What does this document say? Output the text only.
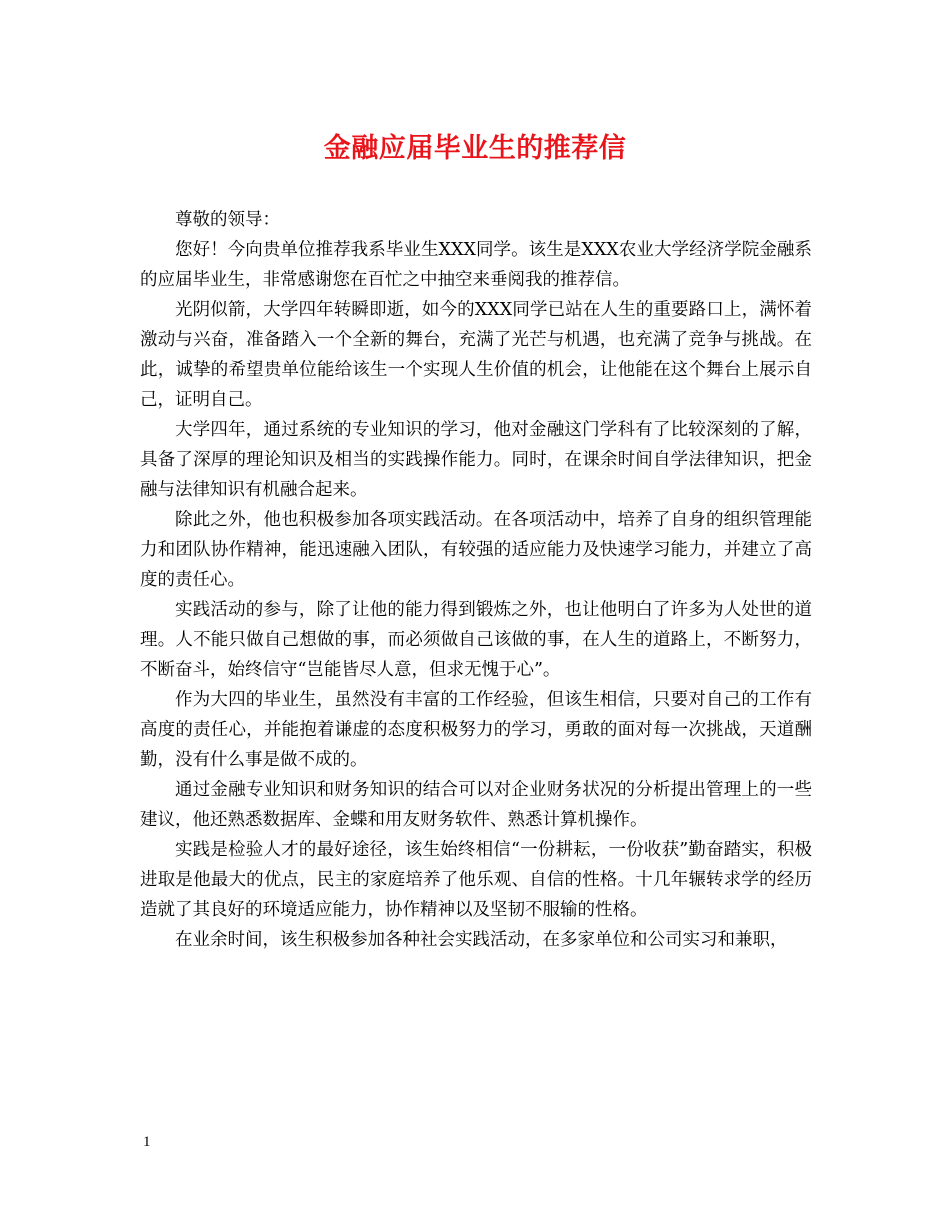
金融应届毕业生的推荐信

尊敬的领导：

您好！今向贵单位推荐我系毕业生XXX同学。该生是XXX农业大学经济学院金融系的应届毕业生，非常感谢您在百忙之中抽空来垂阅我的推荐信。

光阴似箭，大学四年转瞬即逝，如今的XXX同学已站在人生的重要路口上，满怀着激动与兴奋，准备踏入一个全新的舞台，充满了光芒与机遇，也充满了竞争与挑战。在此，诚挚的希望贵单位能给该生一个实现人生价值的机会，让他能在这个舞台上展示自己，证明自己。

大学四年，通过系统的专业知识的学习，他对金融这门学科有了比较深刻的了解，具备了深厚的理论知识及相当的实践操作能力。同时，在课余时间自学法律知识，把金融与法律知识有机融合起来。

除此之外，他也积极参加各项实践活动。在各项活动中，培养了自身的组织管理能力和团队协作精神，能迅速融入团队，有较强的适应能力及快速学习能力，并建立了高度的责任心。

实践活动的参与，除了让他的能力得到锻炼之外，也让他明白了许多为人处世的道理。人不能只做自己想做的事，而必须做自己该做的事，在人生的道路上，不断努力，不断奋斗，始终信守“岂能皆尽人意，但求无愧于心”。

作为大四的毕业生，虽然没有丰富的工作经验，但该生相信，只要对自己的工作有高度的责任心，并能抱着谦虚的态度积极努力的学习，勇敢的面对每一次挑战，天道酬勤，没有什么事是做不成的。

通过金融专业知识和财务知识的结合可以对企业财务状况的分析提出管理上的一些建议，他还熟悉数据库、金蝶和用友财务软件、熟悉计算机操作。

实践是检验人才的最好途径，该生始终相信“一份耕耘，一份收获”勤奋踏实，积极进取是他最大的优点，民主的家庭培养了他乐观、自信的性格。十几年辗转求学的经历造就了其良好的环境适应能力，协作精神以及坚韧不服输的性格。

在业余时间，该生积极参加各种社会实践活动，在多家单位和公司实习和兼职，

1
